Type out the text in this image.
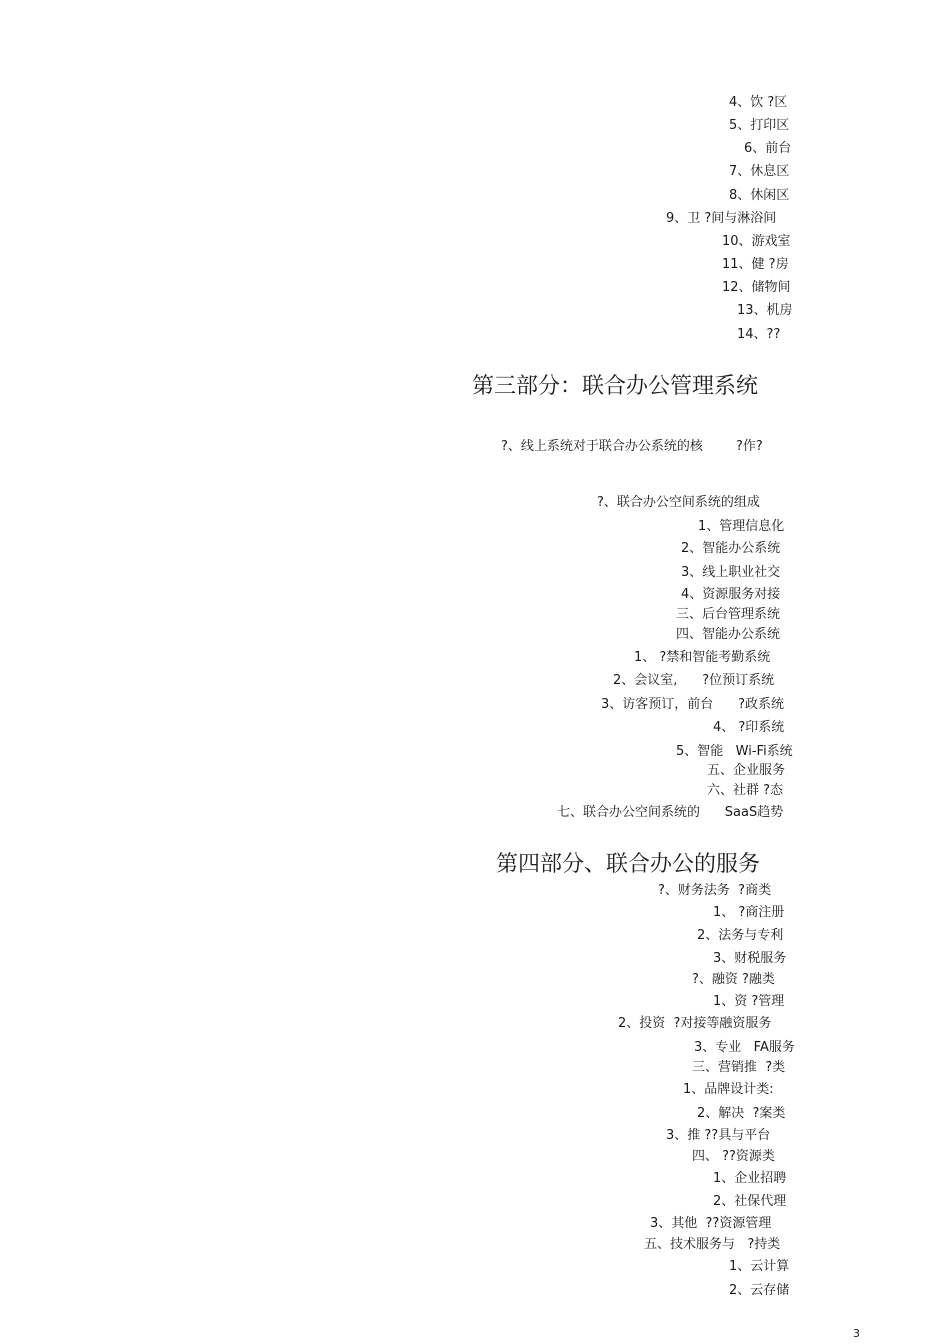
4、饮 ?区
5、打印区
6、前台
7、休息区
8、休闲区
9、卫 ?间与淋浴间
10、游戏室
11、健 ?房
12、储物间
13、机房
14、??
第三部分：联合办公管理系统
?、线上系统对于联合办公系统的核        ?作?
?、联合办公空间系统的组成
1、管理信息化
2、智能办公系统
3、线上职业社交
4、资源服务对接
三、后台管理系统
四、智能办公系统
1、 ?禁和智能考勤系统
2、会议室,      ?位预订系统
3、访客预订，前台      ?政系统
4、 ?印系统
5、智能   Wi-Fi系统
五、企业服务
六、社群 ?态
七、联合办公空间系统的      SaaS趋势
第四部分、联合办公的服务
?、财务法务  ?商类
1、 ?商注册
2、法务与专利
3、财税服务
?、融资 ?融类
1、资 ?管理
2、投资  ?对接等融资服务
3、专业   FA服务
三、营销推  ?类
1、品牌设计类:
2、解决  ?案类
3、推 ??具与平台
四、 ??资源类
1、企业招聘
2、社保代理
3、其他  ??资源管理
五、技术服务与   ?持类
1、云计算
2、云存储
3
